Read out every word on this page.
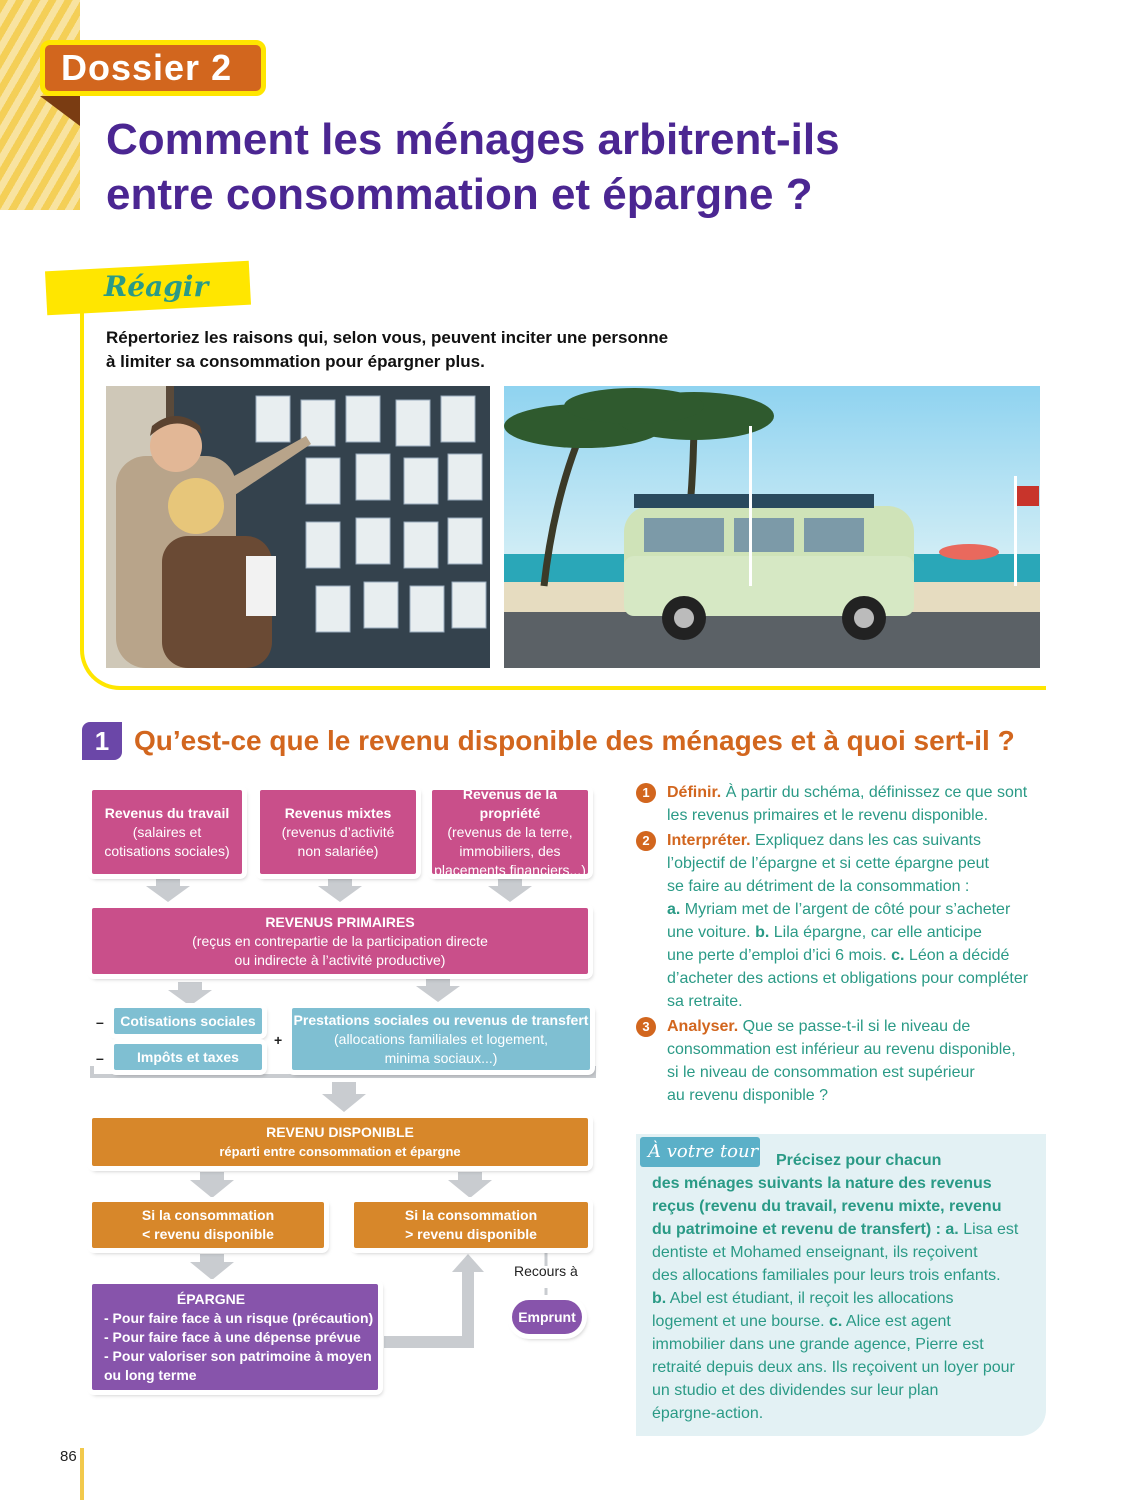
Dossier 2
Comment les ménages arbitrent-ils
entre consommation et épargne ?
Réagir

Répertoriez les raisons qui, selon vous, peuvent inciter une personne
à limiter sa consommation pour épargner plus.

1 Qu’est-ce que le revenu disponible des ménages et à quoi sert-il ?
Revenus du travail
(salaires et
cotisations sociales)
Revenus mixtes
(revenus d’activité
non salariée)
Revenus de la propriété
(revenus de la terre,
immobiliers, des
placements financiers...)
REVENUS PRIMAIRES
(reçus en contrepartie de la participation directe
ou indirecte à l’activité productive)
–	Cotisations sociales
–	Impôts et taxes
+
Prestations sociales ou revenus de transfert
(allocations familiales et logement,
minima sociaux...)
REVENU DISPONIBLE
réparti entre consommation et épargne
Si la consommation
< revenu disponible
Si la consommation
> revenu disponible
Recours à
Emprunt
ÉPARGNE
- Pour faire face à un risque (précaution)
- Pour faire face à une dépense prévue
- Pour valoriser son patrimoine à moyen
ou long terme
1	Définir. À partir du schéma, définissez ce que sont
les revenus primaires et le revenu disponible.
2	Interpréter. Expliquez dans les cas suivants
l’objectif de l’épargne et si cette épargne peut
se faire au détriment de la consommation :
a. Myriam met de l’argent de côté pour s’acheter
une voiture. b. Lila épargne, car elle anticipe
une perte d’emploi d’ici 6 mois. c. Léon a décidé
d’acheter des actions et obligations pour compléter
sa retraite.
3	Analyser. Que se passe-t-il si le niveau de
consommation est inférieur au revenu disponible,
si le niveau de consommation est supérieur
au revenu disponible ?
À votre tour	Précisez pour chacun
des ménages suivants la nature des revenus
reçus (revenu du travail, revenu mixte, revenu
du patrimoine et revenu de transfert) : a. Lisa est
dentiste et Mohamed enseignant, ils reçoivent
des allocations familiales pour leurs trois enfants.
b. Abel est étudiant, il reçoit les allocations
logement et une bourse. c. Alice est agent
immobilier dans une grande agence, Pierre est
retraité depuis deux ans. Ils reçoivent un loyer pour
un studio et des dividendes sur leur plan
épargne-action.
86
